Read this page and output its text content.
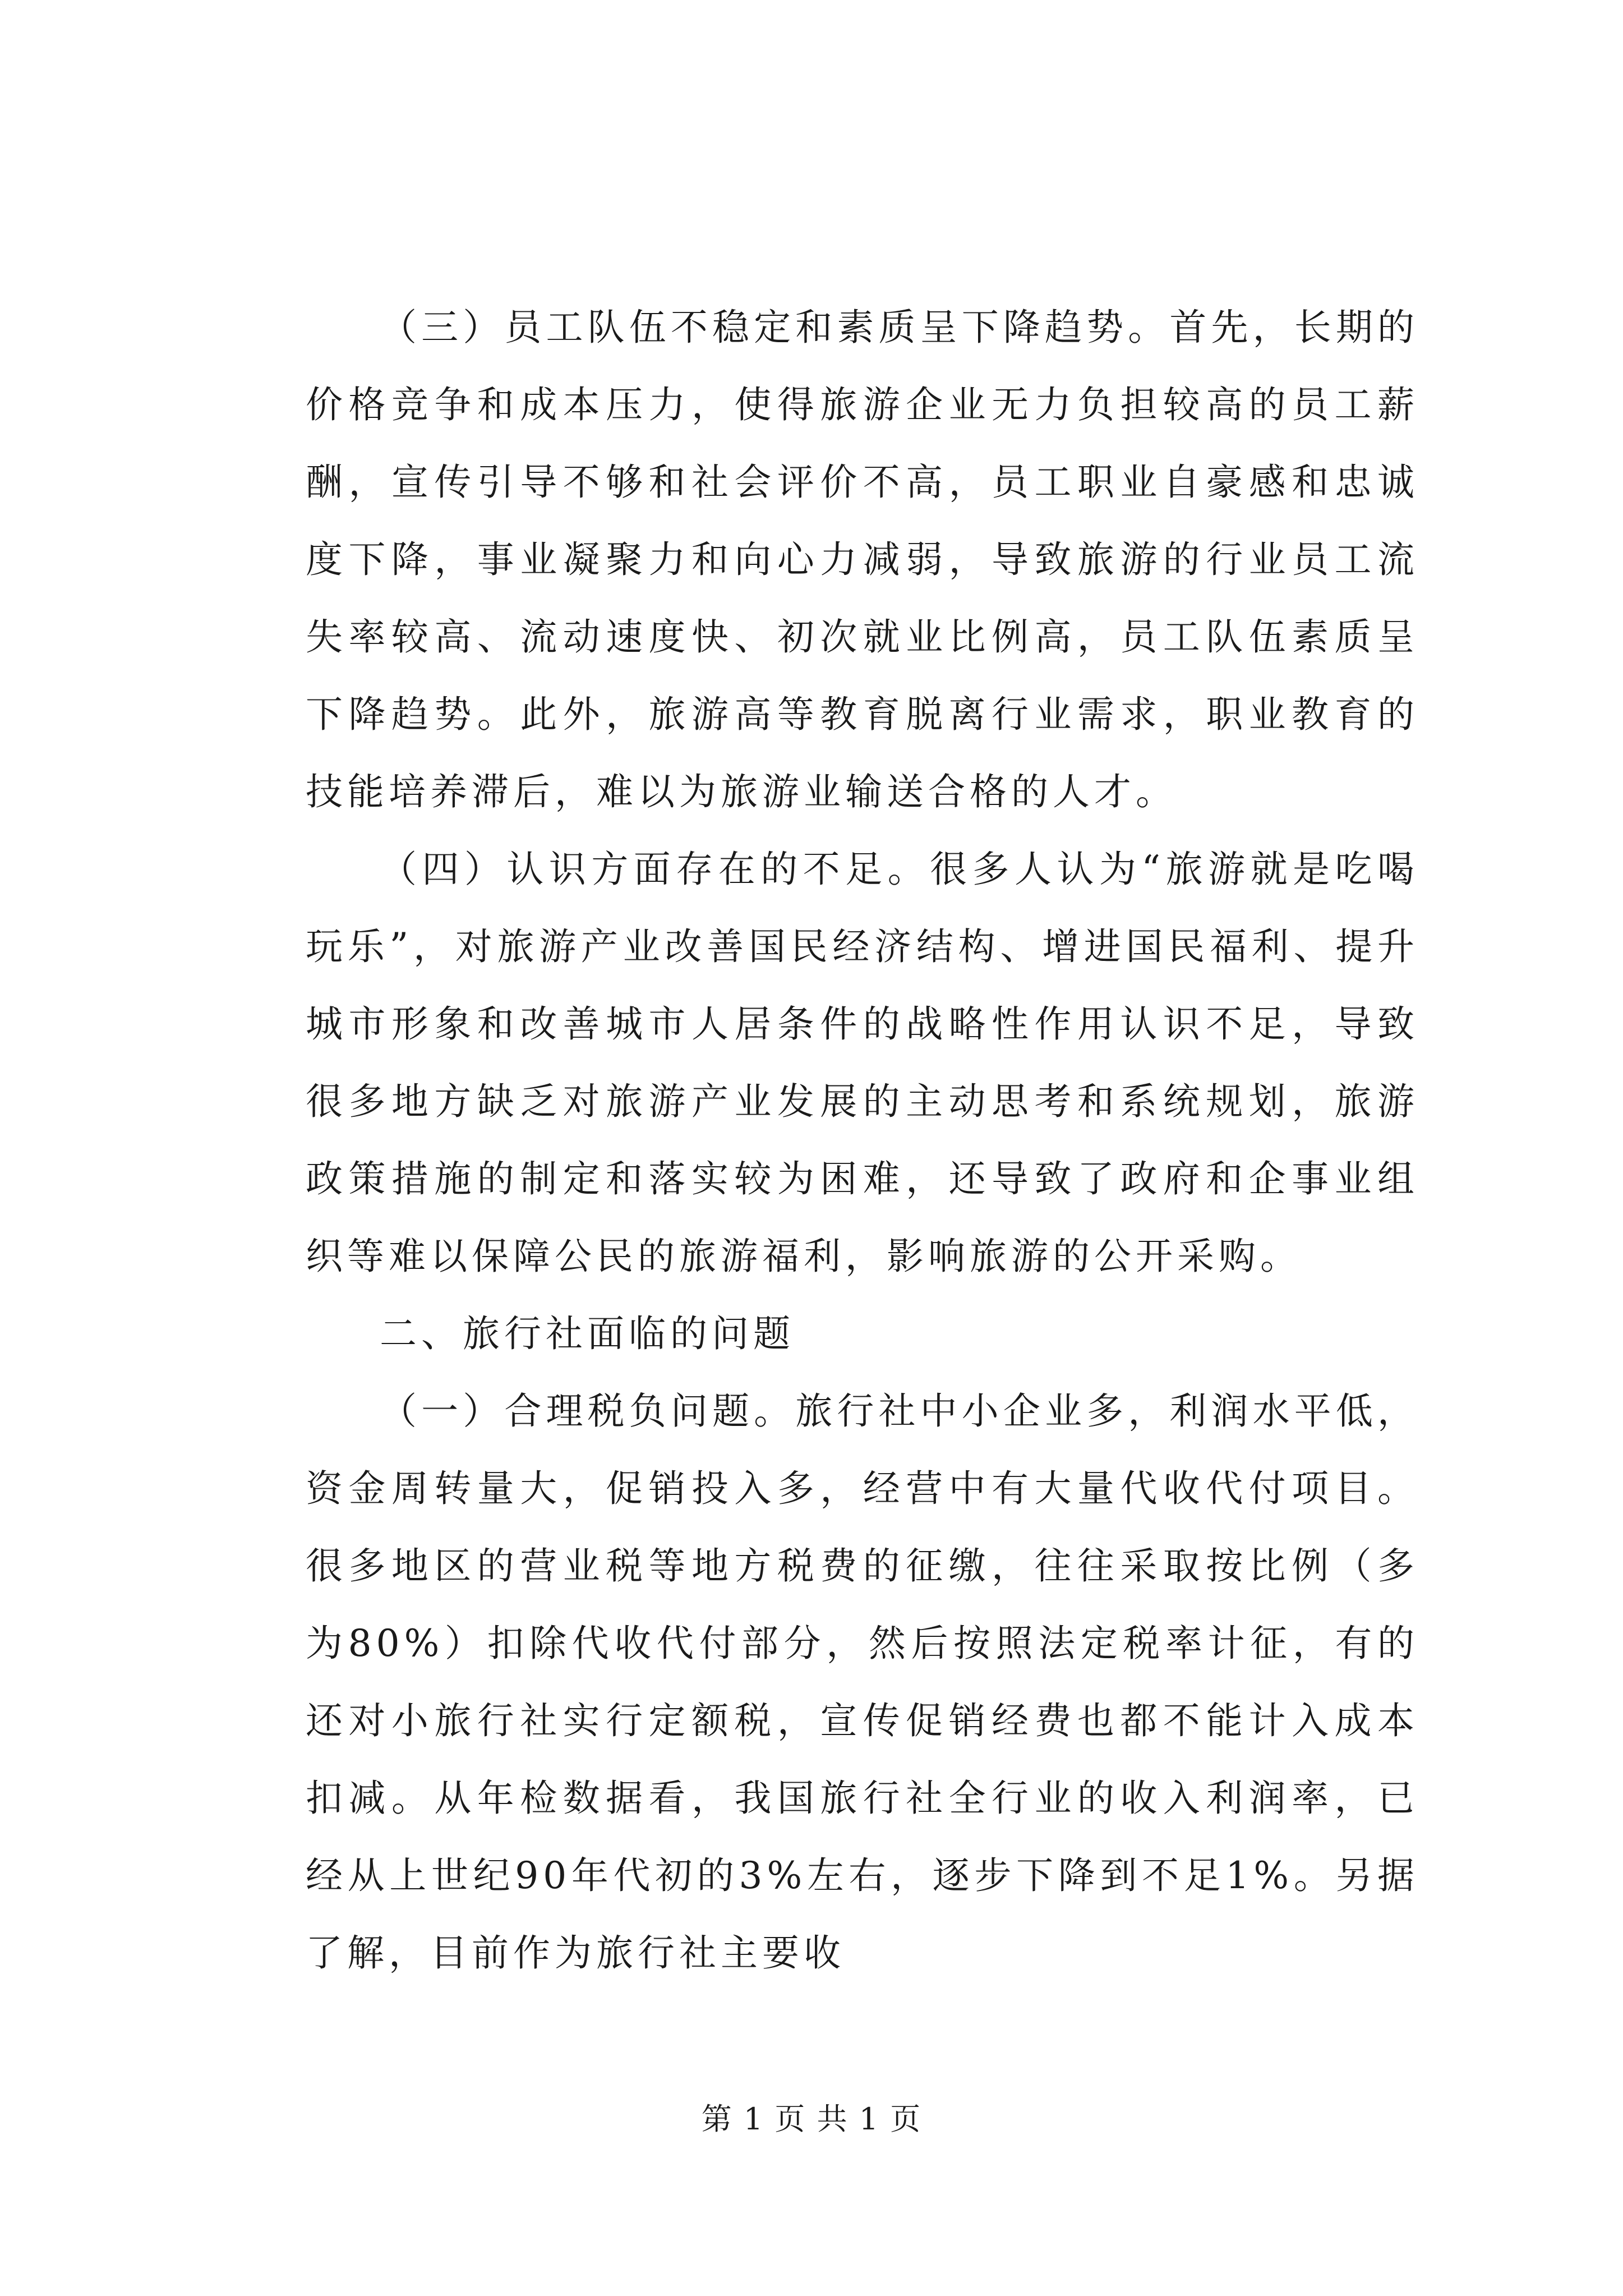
（三）员工队伍不稳定和素质呈下降趋势。首先，长期的价格竞争和成本压力，使得旅游企业无力负担较高的员工薪酬，宣传引导不够和社会评价不高，员工职业自豪感和忠诚度下降，事业凝聚力和向心力减弱，导致旅游的行业员工流失率较高、流动速度快、初次就业比例高，员工队伍素质呈下降趋势。此外，旅游高等教育脱离行业需求，职业教育的技能培养滞后，难以为旅游业输送合格的人才。

（四）认识方面存在的不足。很多人认为“旅游就是吃喝玩乐”，对旅游产业改善国民经济结构、增进国民福利、提升城市形象和改善城市人居条件的战略性作用认识不足，导致很多地方缺乏对旅游产业发展的主动思考和系统规划，旅游政策措施的制定和落实较为困难，还导致了政府和企事业组织等难以保障公民的旅游福利，影响旅游的公开采购。

二、旅行社面临的问题

（一）合理税负问题。旅行社中小企业多，利润水平低，资金周转量大，促销投入多，经营中有大量代收代付项目。很多地区的营业税等地方税费的征缴，往往采取按比例（多为80%）扣除代收代付部分，然后按照法定税率计征，有的还对小旅行社实行定额税，宣传促销经费也都不能计入成本扣减。从年检数据看，我国旅行社全行业的收入利润率，已经从上世纪90年代初的3%左右，逐步下降到不足1%。另据了解，目前作为旅行社主要收

第 1 页 共 1 页
